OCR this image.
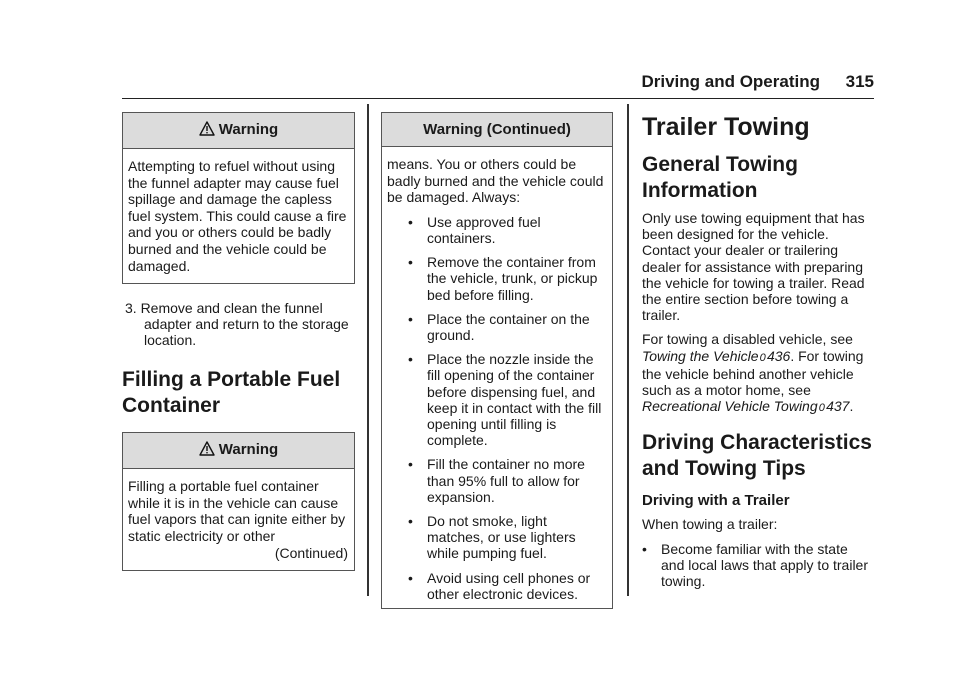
Driving and Operating 315
Warning
Attempting to refuel without using the funnel adapter may cause fuel spillage and damage the capless fuel system. This could cause a fire and you or others could be badly burned and the vehicle could be damaged.

3. Remove and clean the funnel adapter and return to the storage location.

Filling a Portable Fuel Container
Warning

Filling a portable fuel container while it is in the vehicle can cause fuel vapors that can ignite either by static electricity or other

(Continued)

Warning (Continued)

means. You or others could be badly burned and the vehicle could be damaged. Always:

• Use approved fuel containers.
• Remove the container from the vehicle, trunk, or pickup bed before filling.
• Place the container on the ground.
• Place the nozzle inside the fill opening of the container before dispensing fuel, and keep it in contact with the fill opening until filling is complete.
• Fill the container no more than 95% full to allow for expansion.
• Do not smoke, light matches, or use lighters while pumping fuel.
• Avoid using cell phones or other electronic devices.
Trailer Towing
General Towing Information

Only use towing equipment that has been designed for the vehicle. Contact your dealer or trailering dealer for assistance with preparing the vehicle for towing a trailer. Read the entire section before towing a trailer.

For towing a disabled vehicle, see Towing the Vehicle 0 436. For towing the vehicle behind another vehicle such as a motor home, see Recreational Vehicle Towing 0 437.

Driving Characteristics and Towing Tips
Driving with a Trailer

When towing a trailer:

• Become familiar with the state and local laws that apply to trailer towing.
